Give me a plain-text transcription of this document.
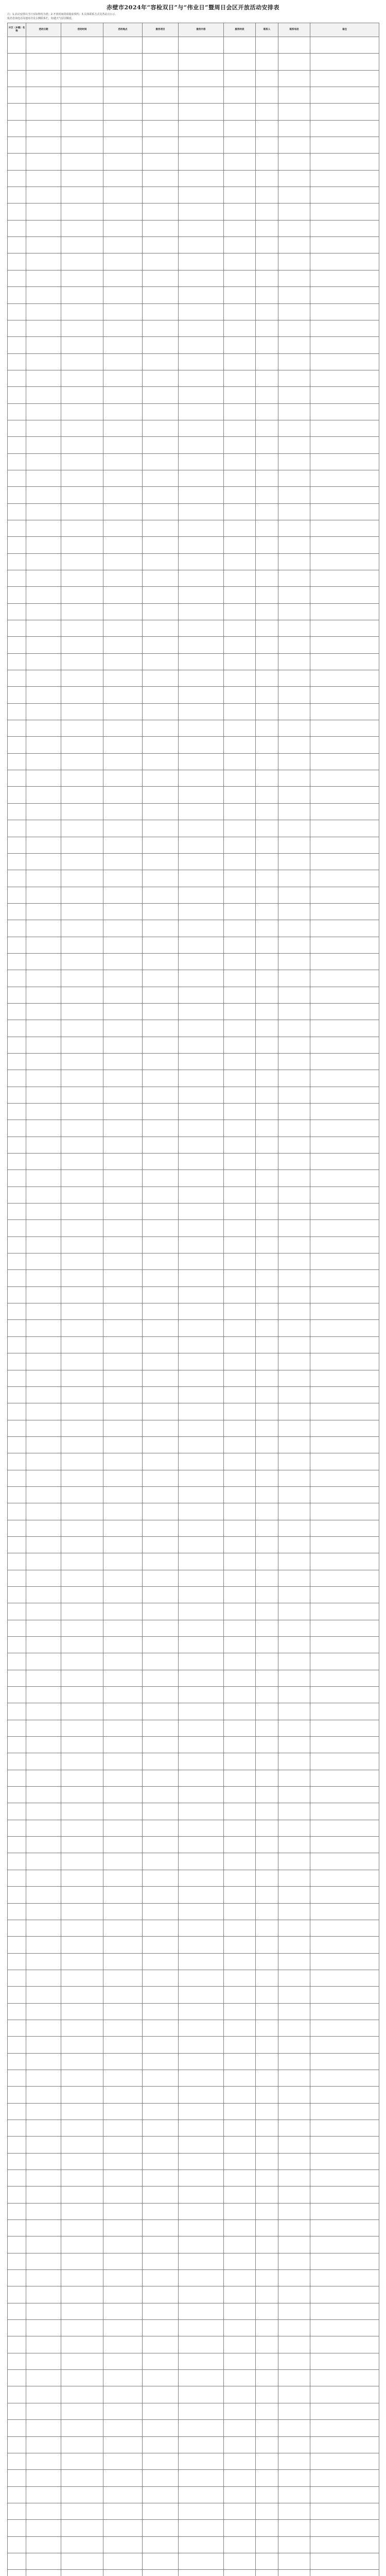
赤壁市2024年“容检双日”与“伟业日”暨周日会区开放活动安排表
注：1.活动安排以当日实际情况为准；2.开放时间段请提前预约；3.具体联系方式见各站点公示。
报名咨询电话及地址详见右侧联系栏，如遇天气原因顺延。
片区（乡镇）名称	活动日期	活动时间	活动地点	服务项目	服务内容	服务时段	联系人	联系电话	备注
